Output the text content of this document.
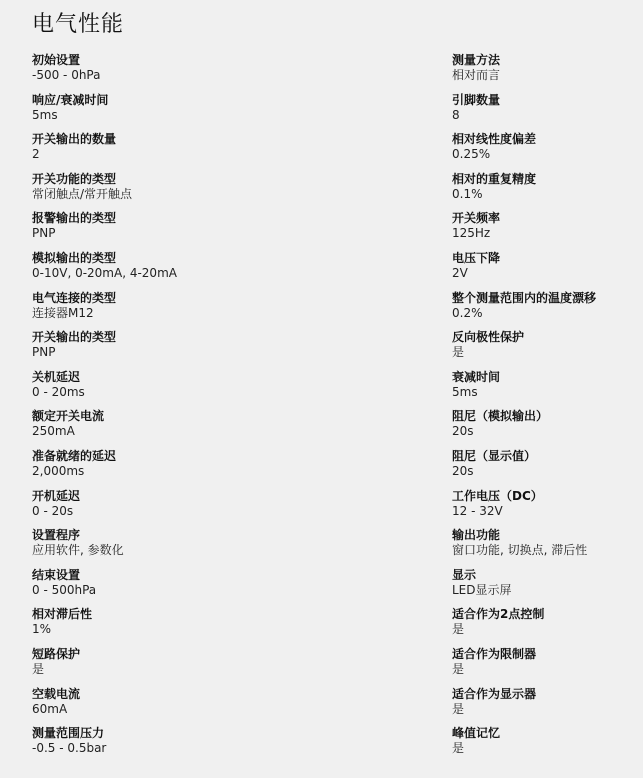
电气性能
初始设置
-500 - 0hPa
响应/衰减时间
5ms
开关输出的数量
2
开关功能的类型
常闭触点/常开触点
报警输出的类型
PNP
模拟输出的类型
0-10V, 0-20mA, 4-20mA
电气连接的类型
连接器M12
开关输出的类型
PNP
关机延迟
0 - 20ms
额定开关电流
250mA
准备就绪的延迟
2,000ms
开机延迟
0 - 20s
设置程序
应用软件, 参数化
结束设置
0 - 500hPa
相对滞后性
1%
短路保护
是
空载电流
60mA
测量范围压力
-0.5 - 0.5bar
测量方法
相对而言
引脚数量
8
相对线性度偏差
0.25%
相对的重复精度
0.1%
开关频率
125Hz
电压下降
2V
整个测量范围内的温度漂移
0.2%
反向极性保护
是
衰减时间
5ms
阻尼（模拟输出）
20s
阻尼（显示值）
20s
工作电压（DC）
12 - 32V
输出功能
窗口功能, 切换点, 滞后性
显示
LED显示屏
适合作为2点控制
是
适合作为限制器
是
适合作为显示器
是
峰值记忆
是
